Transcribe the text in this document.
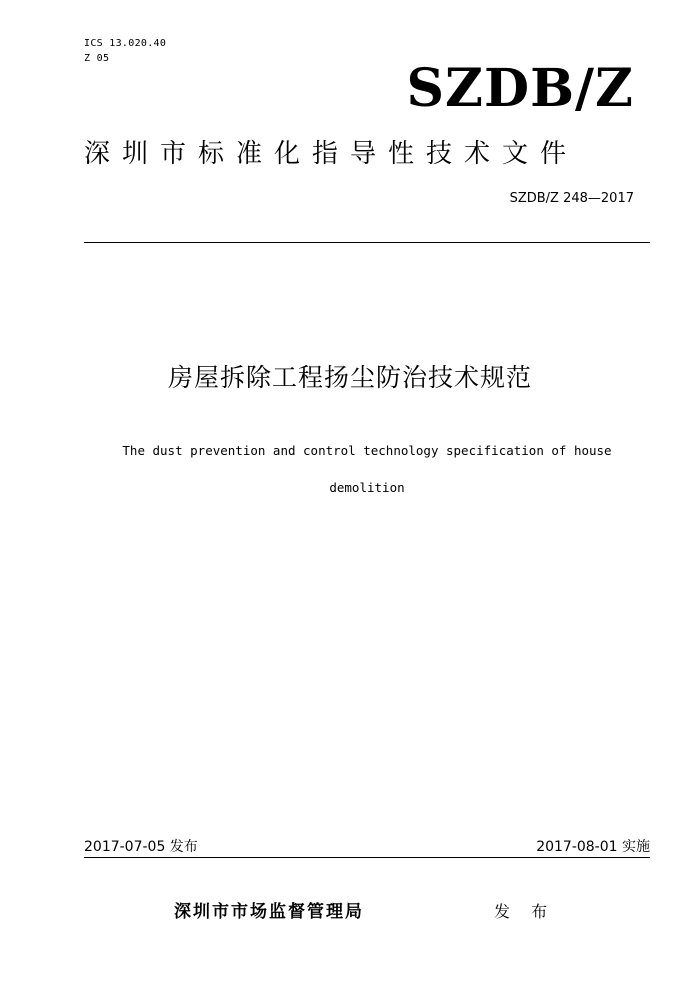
ICS 13.020.40
Z 05	SZDB/Z
深圳市标准化指导性技术文件
SZDB/Z 248—2017
房屋拆除工程扬尘防治技术规范
The dust prevention and control technology specification of house demolition
2017-07-05 发布	2017-08-01 实施
深圳市市场监督管理局	发 布
